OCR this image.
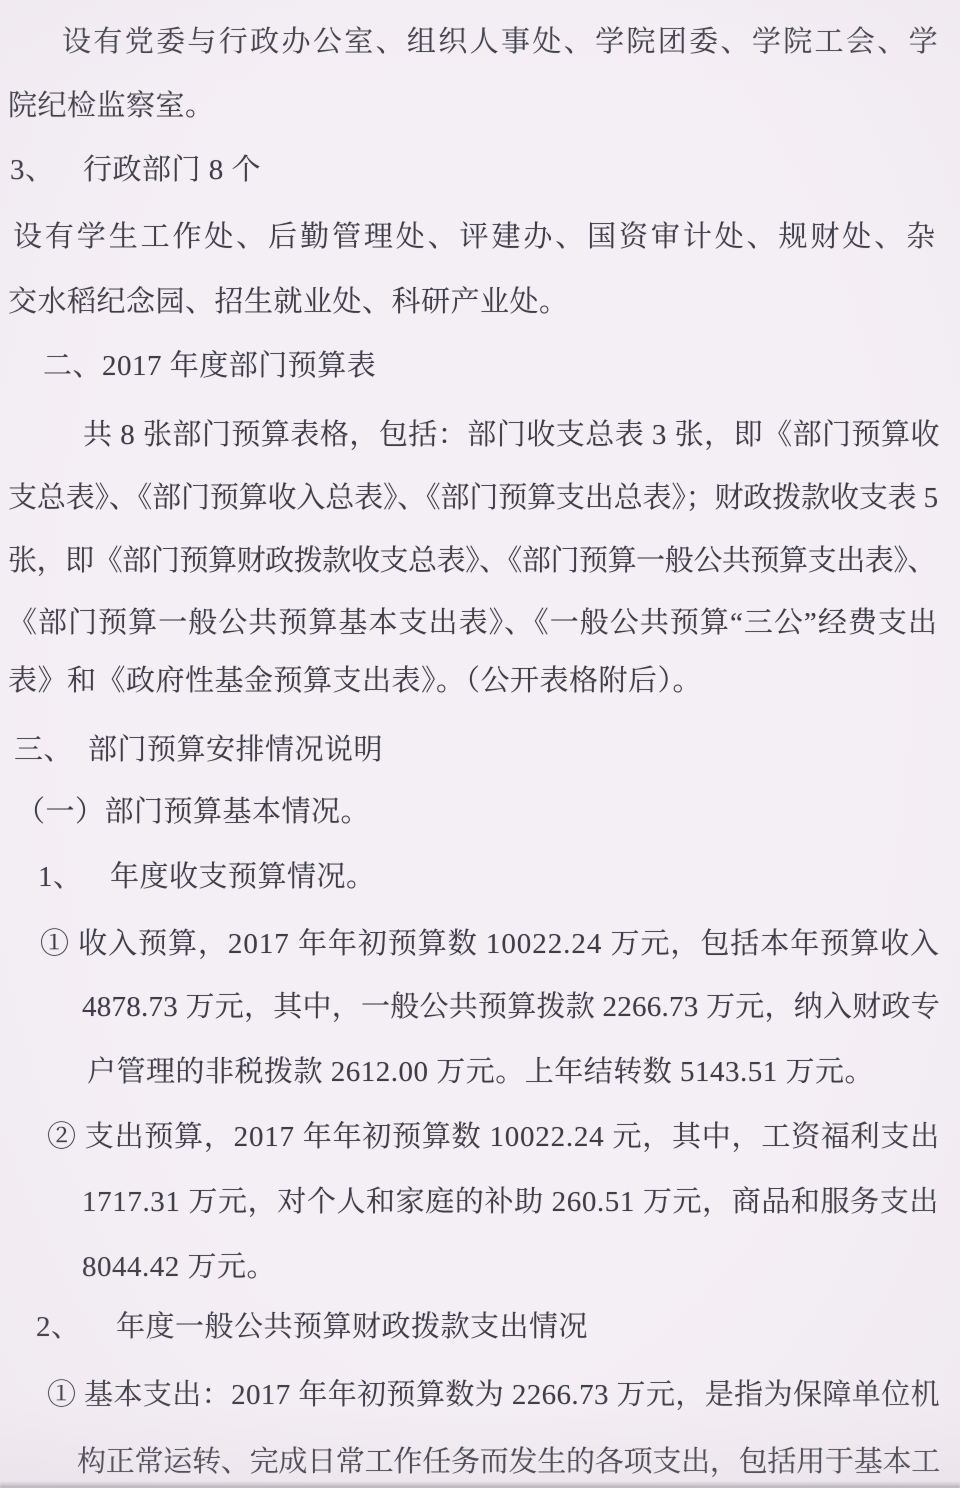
设有党委与行政办公室、组织人事处、学院团委、学院工会、学
院纪检监察室。
3、 行政部门 8 个
设有学生工作处、后勤管理处、评建办、国资审计处、规财处、杂
交水稻纪念园、招生就业处、科研产业处。
二、2017 年度部门预算表
共 8 张部门预算表格，包括：部门收支总表 3 张，即《部门预算收
支总表》、《部门预算收入总表》、《部门预算支出总表》；财政拨款收支表 5
张，即《部门预算财政拨款收支总表》、《部门预算一般公共预算支出表》、
《部门预算一般公共预算基本支出表》、《一般公共预算“三公”经费支出
表》和《政府性基金预算支出表》。（公开表格附后）。
三、 部门预算安排情况说明
（一）部门预算基本情况。
1、 年度收支预算情况。
① 收入预算，2017 年年初预算数 10022.24 万元，包括本年预算收入
4878.73 万元，其中，一般公共预算拨款 2266.73 万元，纳入财政专
户管理的非税拨款 2612.00 万元。上年结转数 5143.51 万元。
② 支出预算，2017 年年初预算数 10022.24 元，其中，工资福利支出
1717.31 万元，对个人和家庭的补助 260.51 万元，商品和服务支出
8044.42 万元。
2、 年度一般公共预算财政拨款支出情况
① 基本支出：2017 年年初预算数为 2266.73 万元，是指为保障单位机
构正常运转、完成日常工作任务而发生的各项支出，包括用于基本工
